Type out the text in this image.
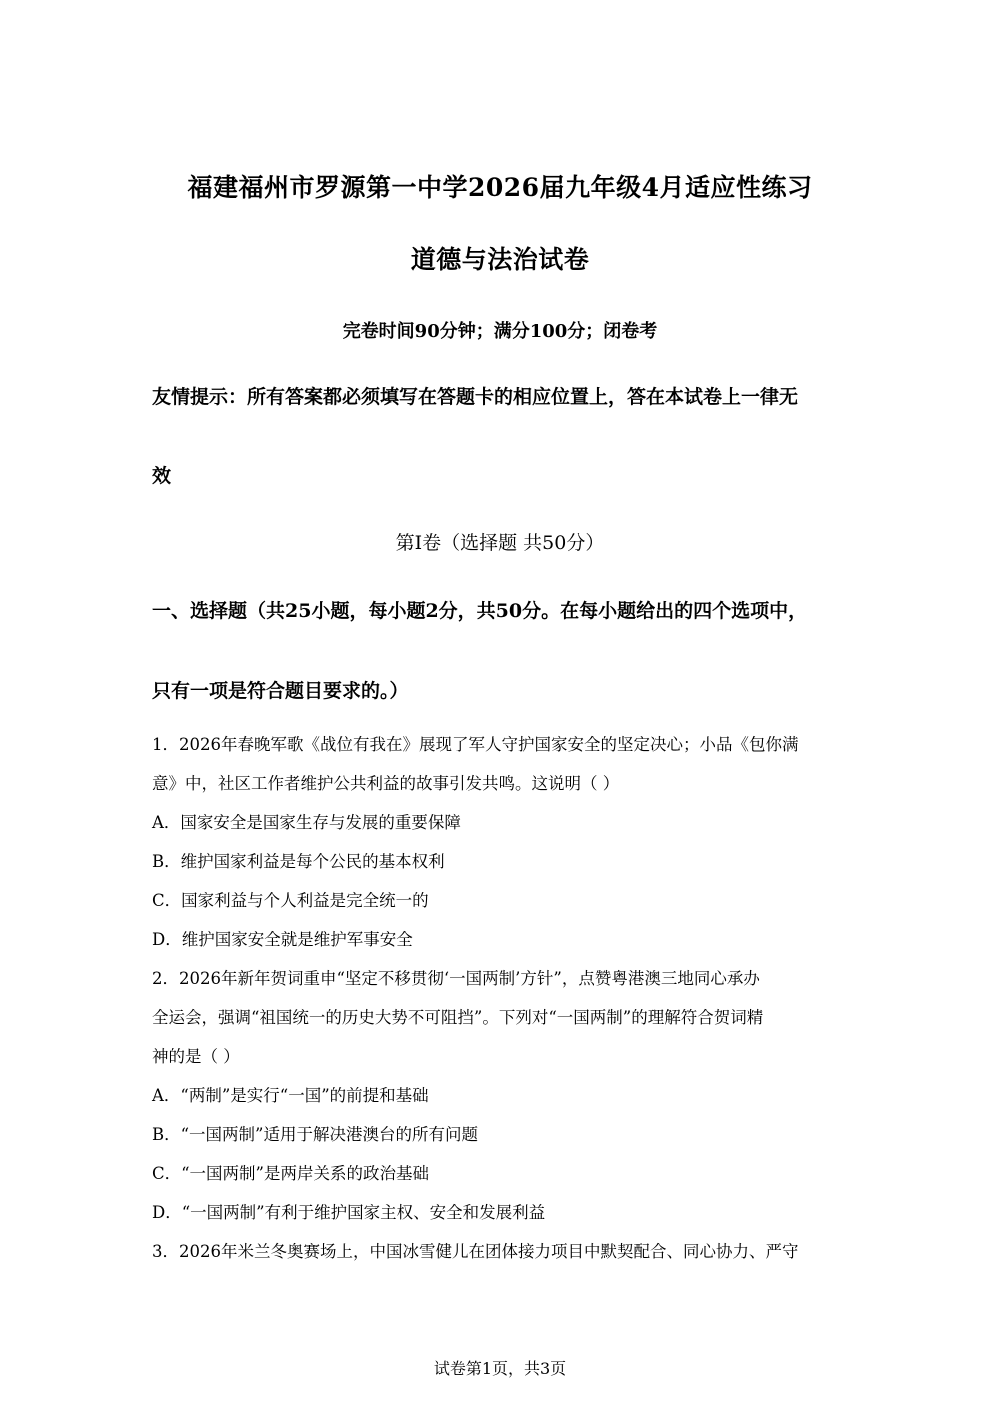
福建福州市罗源第一中学2026届九年级4月适应性练习
道德与法治试卷
完卷时间90分钟；满分100分；闭卷考
友情提示：所有答案都必须填写在答题卡的相应位置上，答在本试卷上一律无
效
第Ⅰ卷（选择题 共50分）
一、选择题（共25小题，每小题2分，共50分。在每小题给出的四个选项中，
只有一项是符合题目要求的。）
1．2026年春晚军歌《战位有我在》展现了军人守护国家安全的坚定决心；小品《包你满
意》中，社区工作者维护公共利益的故事引发共鸣。这说明（ ）
A．国家安全是国家生存与发展的重要保障
B．维护国家利益是每个公民的基本权利
C．国家利益与个人利益是完全统一的
D．维护国家安全就是维护军事安全
2．2026年新年贺词重申“坚定不移贯彻‘一国两制’方针”，点赞粤港澳三地同心承办
全运会，强调“祖国统一的历史大势不可阻挡”。下列对“一国两制”的理解符合贺词精
神的是（ ）
A．“两制”是实行“一国”的前提和基础
B．“一国两制”适用于解决港澳台的所有问题
C．“一国两制”是两岸关系的政治基础
D．“一国两制”有利于维护国家主权、安全和发展利益
3．2026年米兰冬奥赛场上，中国冰雪健儿在团体接力项目中默契配合、同心协力、严守
试卷第1页，共3页
